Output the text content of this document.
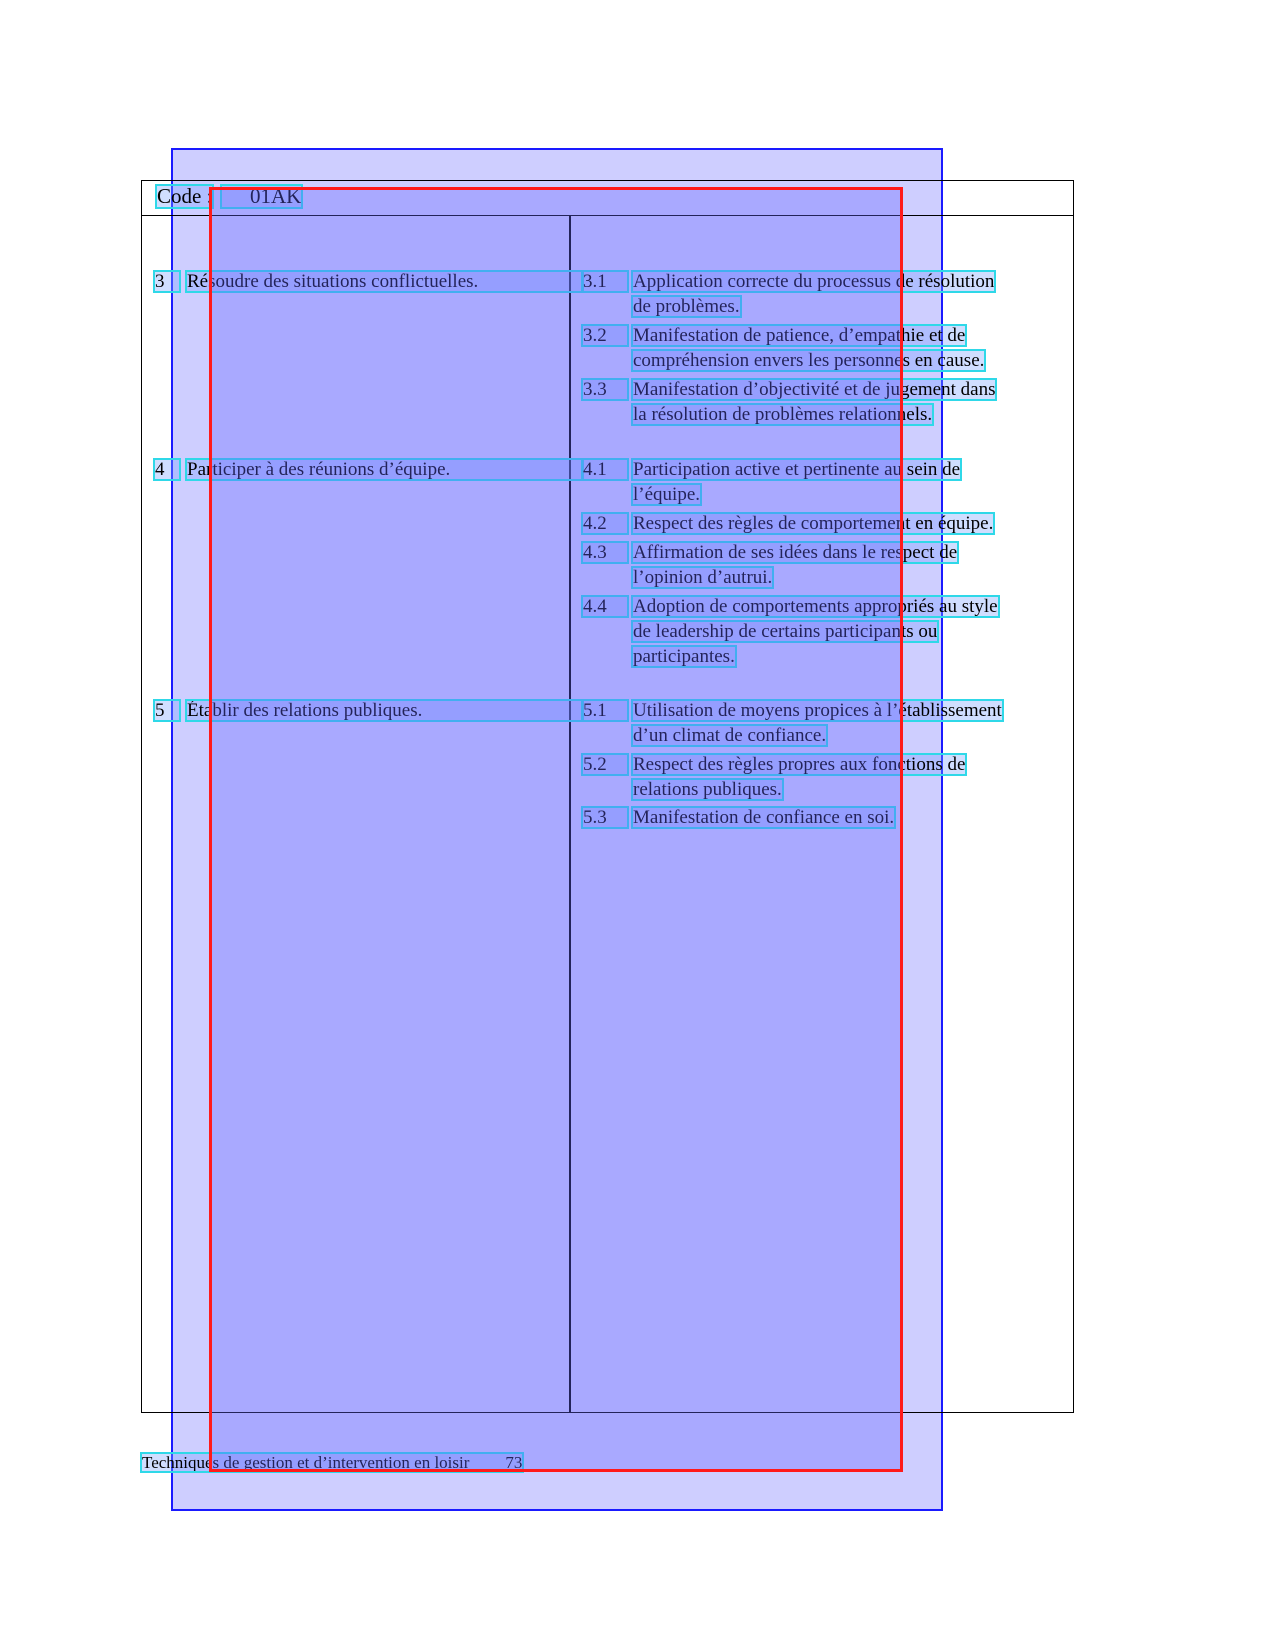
Code :	01AK
3	Résoudre des situations conflictuelles.	3.1	Application correcte du processus de résolution
de problèmes.
3.2	Manifestation de patience, d’empathie et de
compréhension envers les personnes en cause.
3.3	Manifestation d’objectivité et de jugement dans
la résolution de problèmes relationnels.
4	Participer à des réunions d’équipe.	4.1	Participation active et pertinente au sein de
l’équipe.
4.2	Respect des règles de comportement en équipe.
4.3	Affirmation de ses idées dans le respect de
l’opinion d’autrui.
4.4	Adoption de comportements appropriés au style
de leadership de certains participants ou
participantes.
5	Établir des relations publiques.	5.1	Utilisation de moyens propices à l’établissement
d’un climat de confiance.
5.2	Respect des règles propres aux fonctions de
relations publiques.
5.3	Manifestation de confiance en soi.
Techniques de gestion et d’intervention en loisir 73
